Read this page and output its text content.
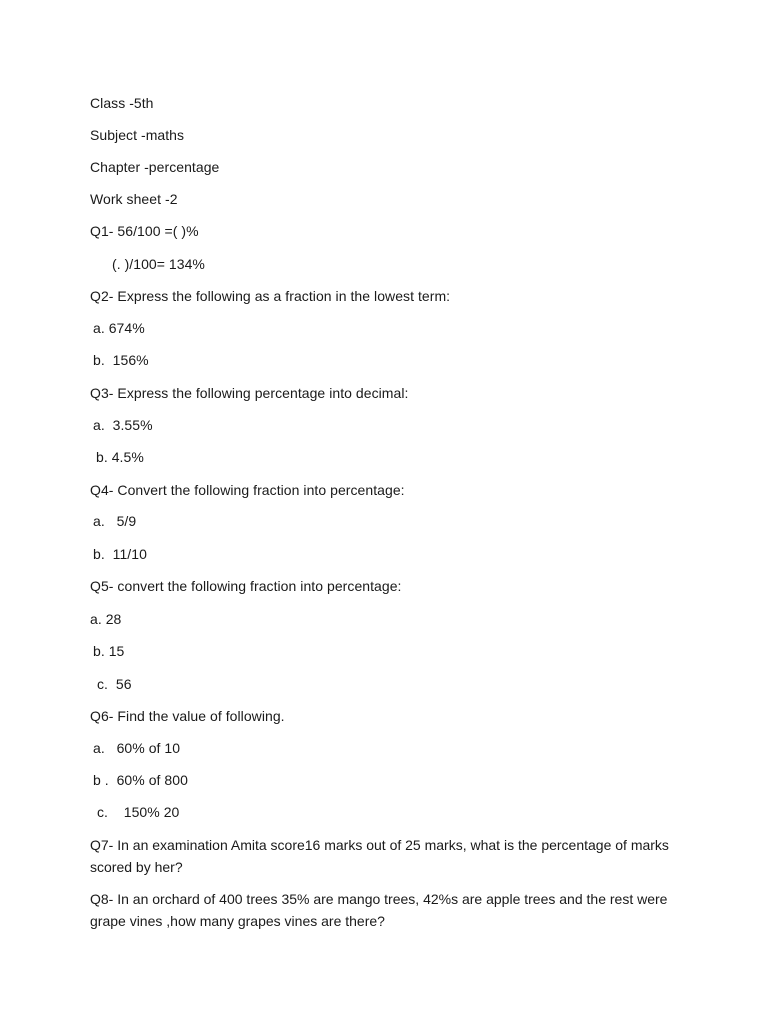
Class -5th
Subject -maths
Chapter -percentage
Work sheet -2
Q1- 56/100 =( )%
(. )/100= 134%
Q2- Express the following as a fraction in the lowest term:
a. 674%
b.  156%
Q3- Express the following percentage into decimal:
a.  3.55%
b. 4.5%
Q4- Convert the following fraction into percentage:
a.   5/9
b.  11/10
Q5- convert the following fraction into percentage:
a. 28
b. 15
c.  56
Q6- Find the value of following.
a.   60% of 10
b .  60% of 800
c.    150% 20
Q7- In an examination Amita score16 marks out of 25 marks, what is the percentage of marks scored by her?
Q8- In an orchard of 400 trees 35% are mango trees, 42%s are apple trees and the rest were grape vines ,how many grapes vines are there?
